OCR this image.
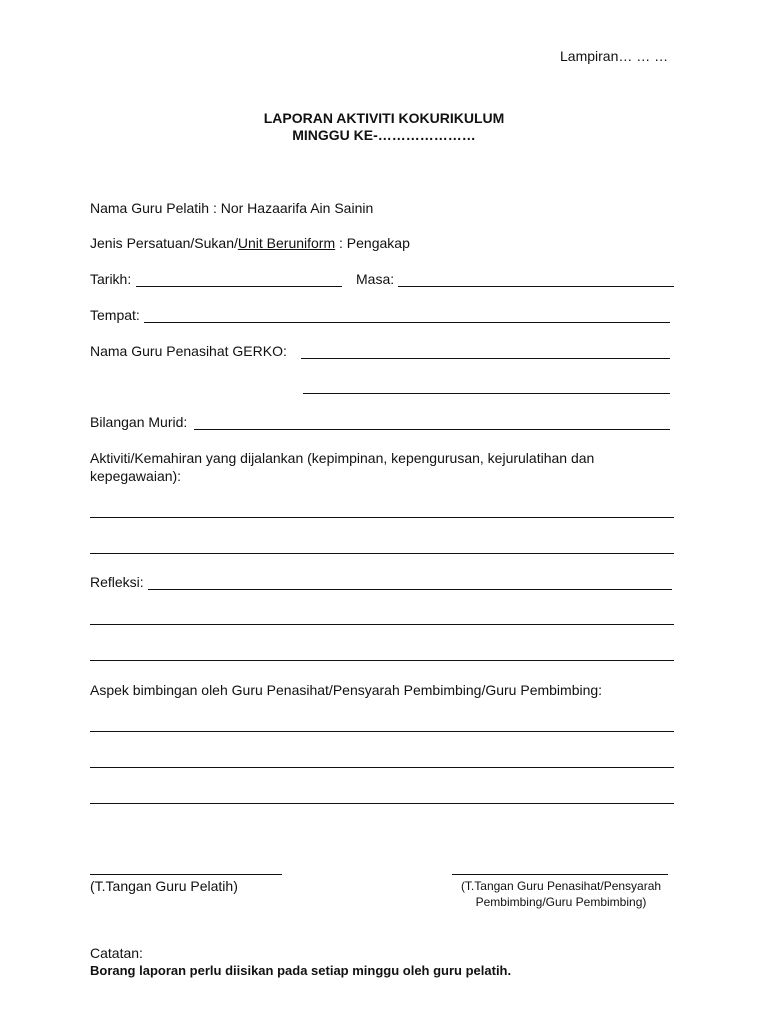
Lampiran… … …
LAPORAN AKTIVITI KOKURIKULUM
MINGGU KE-…………………
Nama Guru Pelatih : Nor Hazaarifa Ain Sainin
Jenis Persatuan/Sukan/Unit Beruniform : Pengakap
Tarikh:	Masa:
Tempat:
Nama Guru Penasihat GERKO:
Bilangan Murid:
Aktiviti/Kemahiran yang dijalankan (kepimpinan, kepengurusan, kejurulatihan dan
kepegawaian):
Refleksi:
Aspek bimbingan oleh Guru Penasihat/Pensyarah Pembimbing/Guru Pembimbing:
(T.Tangan Guru Pelatih)	(T.Tangan Guru Penasihat/Pensyarah
Pembimbing/Guru Pembimbing)
Catatan:
Borang laporan perlu diisikan pada setiap minggu oleh guru pelatih.
